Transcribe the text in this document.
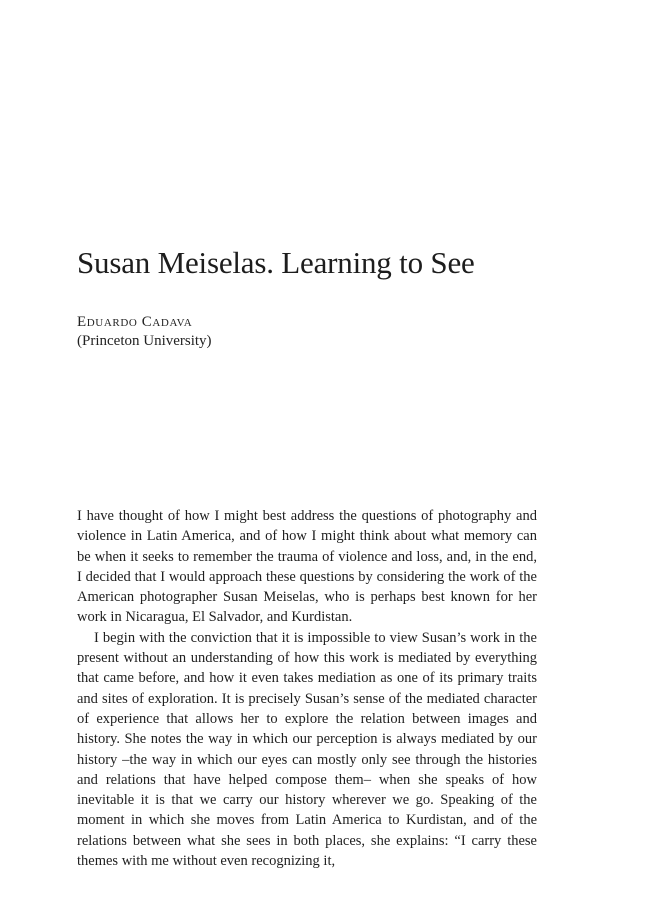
Susan Meiselas. Learning to See
Eduardo Cadava
(Princeton University)

I have thought of how I might best address the questions of photography and violence in Latin America, and of how I might think about what memory can be when it seeks to remember the trauma of violence and loss, and, in the end, I decided that I would approach these questions by considering the work of the American photographer Susan Meiselas, who is perhaps best known for her work in Nicaragua, El Salvador, and Kurdistan.

I begin with the conviction that it is impossible to view Susan’s work in the present without an understanding of how this work is mediated by everything that came before, and how it even takes mediation as one of its primary traits and sites of exploration. It is precisely Susan’s sense of the mediated character of experience that allows her to explore the relation between images and history. She notes the way in which our perception is always mediated by our history –the way in which our eyes can mostly only see through the histories and relations that have helped compose them– when she speaks of how inevitable it is that we carry our history wherever we go. Speaking of the moment in which she moves from Latin America to Kurdistan, and of the relations between what she sees in both places, she explains: “I carry these themes with me without even recognizing it,
